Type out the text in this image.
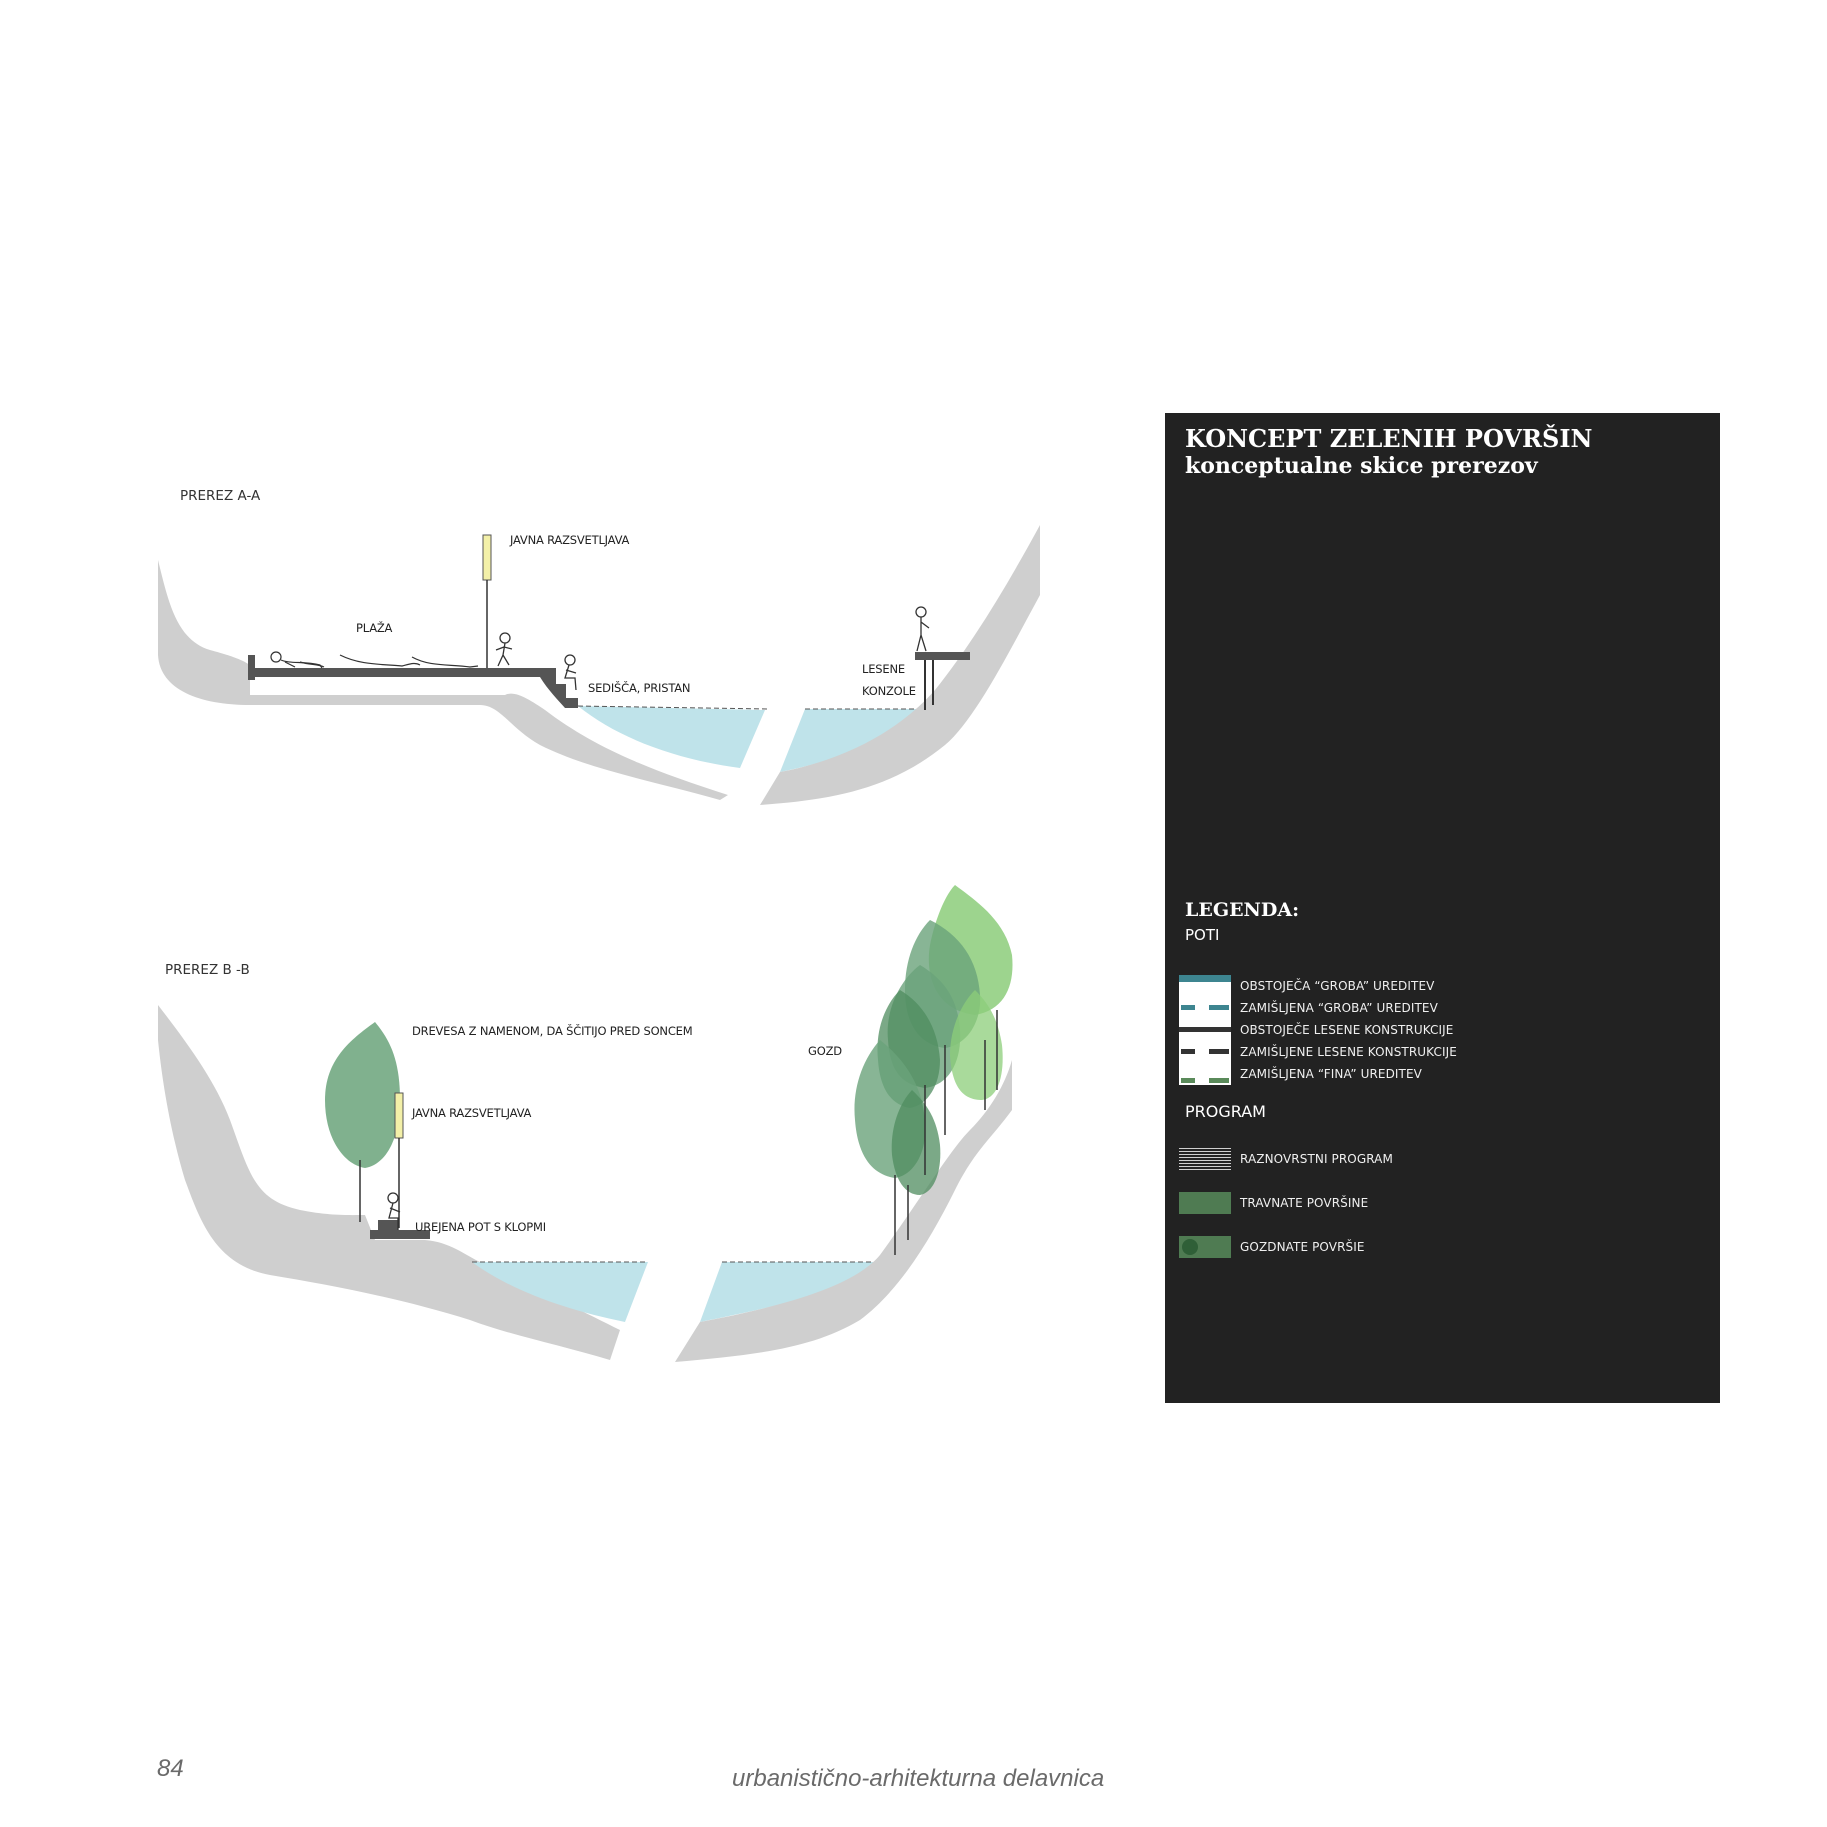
PREREZ A-A
JAVNA RAZSVETLJAVA
PLAŽA
SEDIŠČA, PRISTAN
LESENE
KONZOLE
PREREZ B -B
DREVESA Z NAMENOM, DA ŠČITIJO PRED SONCEM
JAVNA RAZSVETLJAVA
UREJENA POT S KLOPMI
GOZD
KONCEPT ZELENIH POVRŠIN
konceptualne skice prerezov
LEGENDA:
POTI
OBSTOJEČA “GROBA” UREDITEV
ZAMIŠLJENA “GROBA” UREDITEV
OBSTOJEČE LESENE KONSTRUKCIJE
ZAMIŠLJENE LESENE KONSTRUKCIJE
ZAMIŠLJENA “FINA” UREDITEV
PROGRAM
RAZNOVRSTNI PROGRAM
TRAVNATE POVRŠINE
GOZDNATE POVRŠIE
84	urbanistično-arhitekturna delavnica
